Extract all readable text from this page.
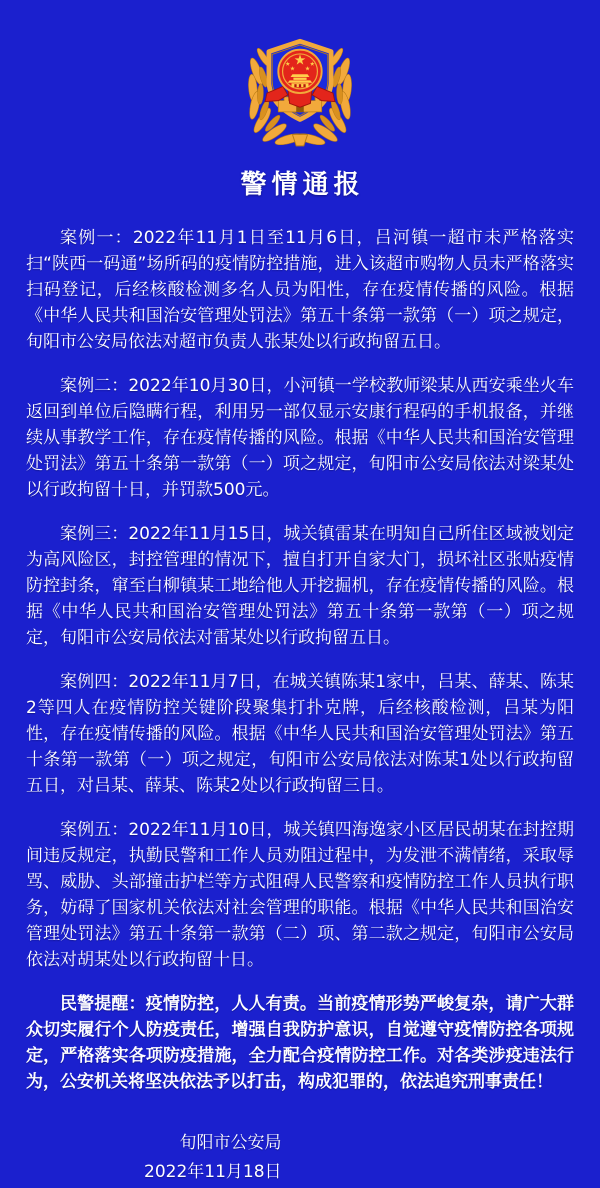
警情通报

案例一：2022年11月1日至11月6日，吕河镇一超市未严格落实扫“陕西一码通”场所码的疫情防控措施，进入该超市购物人员未严格落实扫码登记，后经核酸检测多名人员为阳性，存在疫情传播的风险。根据《中华人民共和国治安管理处罚法》第五十条第一款第（一）项之规定，旬阳市公安局依法对超市负责人张某处以行政拘留五日。

案例二：2022年10月30日，小河镇一学校教师梁某从西安乘坐火车返回到单位后隐瞒行程，利用另一部仅显示安康行程码的手机报备，并继续从事教学工作，存在疫情传播的风险。根据《中华人民共和国治安管理处罚法》第五十条第一款第（一）项之规定，旬阳市公安局依法对梁某处以行政拘留十日，并罚款500元。

案例三：2022年11月15日，城关镇雷某在明知自己所住区域被划定为高风险区，封控管理的情况下，擅自打开自家大门，损坏社区张贴疫情防控封条，窜至白柳镇某工地给他人开挖掘机，存在疫情传播的风险。根据《中华人民共和国治安管理处罚法》第五十条第一款第（一）项之规定，旬阳市公安局依法对雷某处以行政拘留五日。

案例四：2022年11月7日，在城关镇陈某1家中，吕某、薛某、陈某2等四人在疫情防控关键阶段聚集打扑克牌，后经核酸检测，吕某为阳性，存在疫情传播的风险。根据《中华人民共和国治安管理处罚法》第五十条第一款第（一）项之规定，旬阳市公安局依法对陈某1处以行政拘留五日，对吕某、薛某、陈某2处以行政拘留三日。

案例五：2022年11月10日，城关镇四海逸家小区居民胡某在封控期间违反规定，执勤民警和工作人员劝阻过程中，为发泄不满情绪，采取辱骂、威胁、头部撞击护栏等方式阻碍人民警察和疫情防控工作人员执行职务，妨碍了国家机关依法对社会管理的职能。根据《中华人民共和国治安管理处罚法》第五十条第一款第（二）项、第二款之规定，旬阳市公安局依法对胡某处以行政拘留十日。

民警提醒：疫情防控，人人有责。当前疫情形势严峻复杂，请广大群众切实履行个人防疫责任，增强自我防护意识，自觉遵守疫情防控各项规定，严格落实各项防疫措施，全力配合疫情防控工作。对各类涉疫违法行为，公安机关将坚决依法予以打击，构成犯罪的，依法追究刑事责任！

旬阳市公安局
2022年11月18日
